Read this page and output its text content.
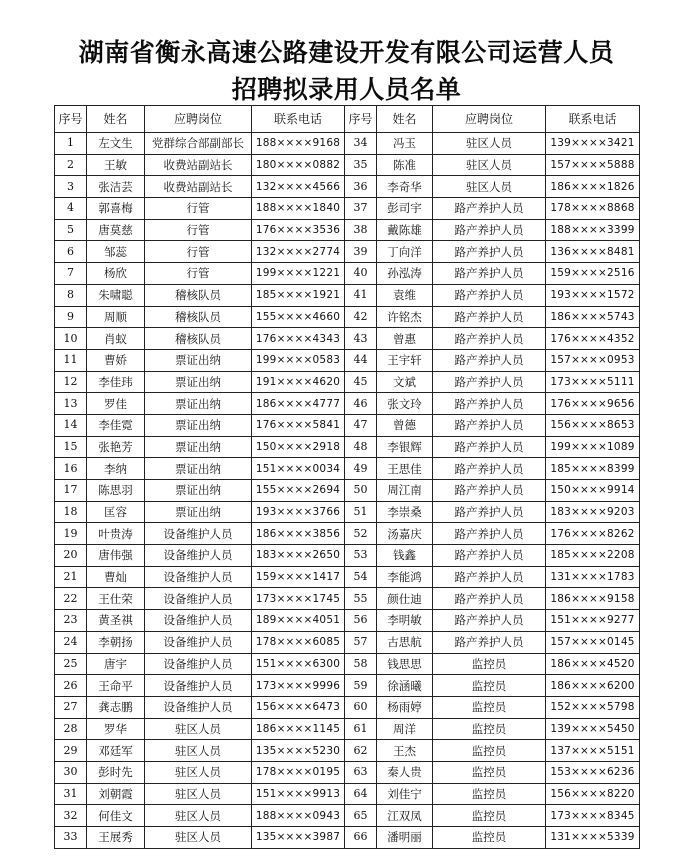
湖南省衡永高速公路建设开发有限公司运营人员
招聘拟录用人员名单
序号	姓名	应聘岗位	联系电话	序号	姓名	应聘岗位	联系电话
1	左文生	党群综合部副部长	188××××9168	34	冯玉	驻区人员	139××××3421
2	王敏	收费站副站长	180××××0882	35	陈准	驻区人员	157××××5888
3	张洁芸	收费站副站长	132××××4566	36	李奇华	驻区人员	186××××1826
4	郭喜梅	行管	188××××1840	37	彭司宇	路产养护人员	178××××8868
5	唐莫慈	行管	176××××3536	38	戴陈雄	路产养护人员	188××××3399
6	邹蕊	行管	132××××2774	39	丁向洋	路产养护人员	136××××8481
7	杨欣	行管	199××××1221	40	孙泓涛	路产养护人员	159××××2516
8	朱啸聪	稽核队员	185××××1921	41	袁维	路产养护人员	193××××1572
9	周顺	稽核队员	155××××4660	42	许铭杰	路产养护人员	186××××5743
10	肖蚁	稽核队员	176××××4343	43	曾惠	路产养护人员	176××××4352
11	曹娇	票证出纳	199××××0583	44	王宇轩	路产养护人员	157××××0953
12	李佳玮	票证出纳	191××××4620	45	文斌	路产养护人员	173××××5111
13	罗佳	票证出纳	186××××4777	46	张文玲	路产养护人员	176××××9656
14	李佳霓	票证出纳	176××××5841	47	曾德	路产养护人员	156××××8653
15	张艳芳	票证出纳	150××××2918	48	李银辉	路产养护人员	199××××1089
16	李纳	票证出纳	151××××0034	49	王思佳	路产养护人员	185××××8399
17	陈思羽	票证出纳	155××××2694	50	周江南	路产养护人员	150××××9914
18	匡容	票证出纳	193××××3766	51	李崇桑	路产养护人员	183××××9203
19	叶贵涛	设备维护人员	186××××3856	52	汤嘉庆	路产养护人员	176××××8262
20	唐伟强	设备维护人员	183××××2650	53	钱鑫	路产养护人员	185××××2208
21	曹灿	设备维护人员	159××××1417	54	李能鸿	路产养护人员	131××××1783
22	王仕荣	设备维护人员	173××××1745	55	颜仕迪	路产养护人员	186××××9158
23	黄圣祺	设备维护人员	189××××4051	56	李明敏	路产养护人员	151××××9277
24	李朝扬	设备维护人员	178××××6085	57	古思航	路产养护人员	157××××0145
25	唐宇	设备维护人员	151××××6300	58	钱思思	监控员	186××××4520
26	王命平	设备维护人员	173××××9996	59	徐涵曦	监控员	186××××6200
27	龚志鹏	设备维护人员	156××××6473	60	杨雨婷	监控员	152××××5798
28	罗华	驻区人员	186××××1145	61	周洋	监控员	139××××5450
29	邓廷军	驻区人员	135××××5230	62	王杰	监控员	137××××5151
30	彭时先	驻区人员	178××××0195	63	秦人贵	监控员	153××××6236
31	刘朝霞	驻区人员	151××××9913	64	刘佳宁	监控员	156××××8220
32	何佳文	驻区人员	188××××0943	65	江双凤	监控员	173××××8345
33	王展秀	驻区人员	135××××3987	66	潘明丽	监控员	131××××5339
